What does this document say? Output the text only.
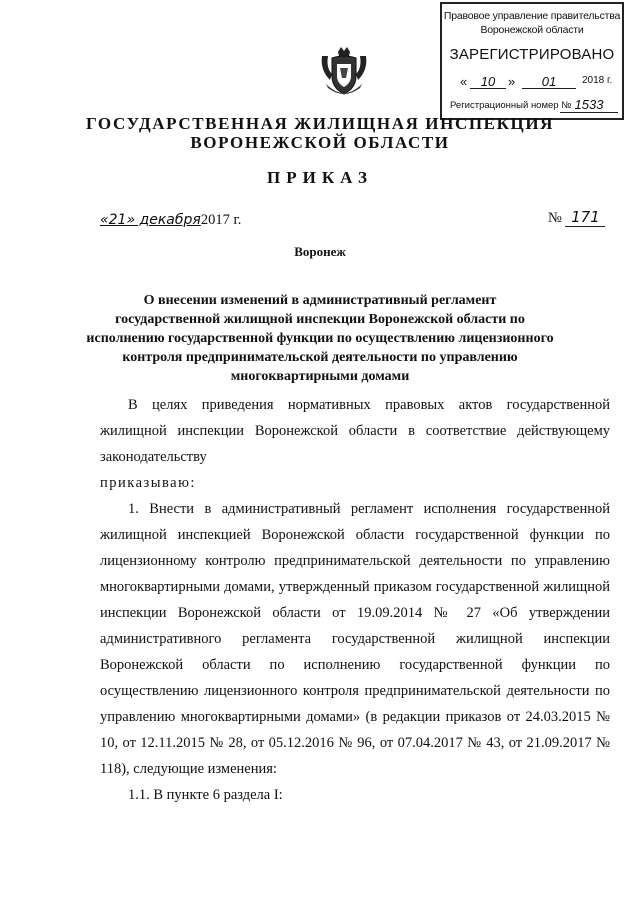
Правовое управление правительства
Воронежской области
ЗАРЕГИСТРИРОВАНО
«	10 »	01	2018 г.
Регистрационный номер № 1533
ГОСУДАРСТВЕННАЯ ЖИЛИЩНАЯ ИНСПЕКЦИЯ
ВОРОНЕЖСКОЙ ОБЛАСТИ
ПРИКАЗ
«21» декабря2017 г.	№ 171
Воронеж
О внесении изменений в административный регламент
государственной жилищной инспекции Воронежской области по
исполнению государственной функции по осуществлению лицензионного
контроля предпринимательской деятельности по управлению
многоквартирными домами

В целях приведения нормативных правовых актов государственной жилищной инспекции Воронежской области в соответствие действующему законодательству

приказываю:

1. Внести в административный регламент исполнения государственной жилищной инспекцией Воронежской области государственной функции по лицензионному контролю предпринимательской деятельности по управлению многоквартирными домами, утвержденный приказом государственной жилищной инспекции Воронежской области от 19.09.2014 № 27 «Об утверждении административного регламента государственной жилищной инспекции Воронежской области по исполнению государственной функции по осуществлению лицензионного контроля предпринимательской деятельности по управлению многоквартирными домами» (в редакции приказов от 24.03.2015 № 10, от 12.11.2015 № 28, от 05.12.2016 № 96, от 07.04.2017 № 43, от 21.09.2017 № 118), следующие изменения:

1.1. В пункте 6 раздела I:
